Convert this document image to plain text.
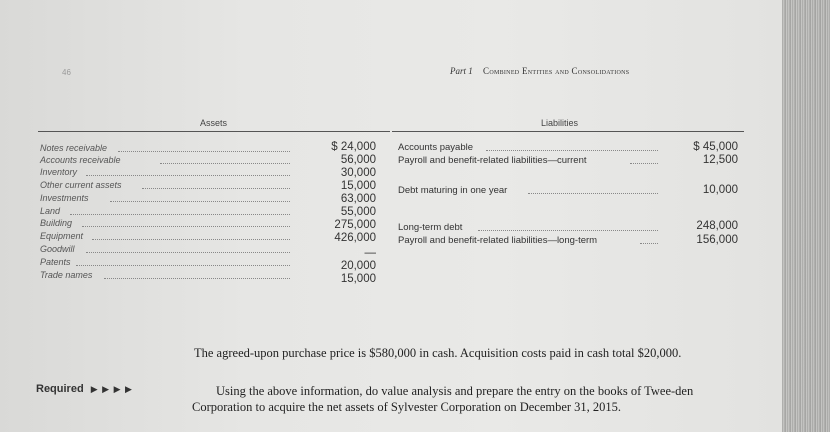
46	Part 1 Combined Entities and Consolidations
Assets	Liabilities
Notes receivable	$ 24,000
Accounts receivable	56,000
Inventory	30,000
Other current assets	15,000
Investments	63,000
Land	55,000
Building	275,000
Equipment	426,000
Goodwill	—
Patents	20,000
Trade names	15,000
Accounts payable	$ 45,000
Payroll and benefit-related liabilities—current	12,500
Debt maturing in one year	10,000
Long-term debt	248,000
Payroll and benefit-related liabilities—long-term	156,000
The agreed-upon purchase price is $580,000 in cash. Acquisition costs paid in cash total $20,000.
Required ▶ ▶ ▶ ▶	Using the above information, do value analysis and prepare the entry on the books of Twee-den Corporation to acquire the net assets of Sylvester Corporation on December 31, 2015.
